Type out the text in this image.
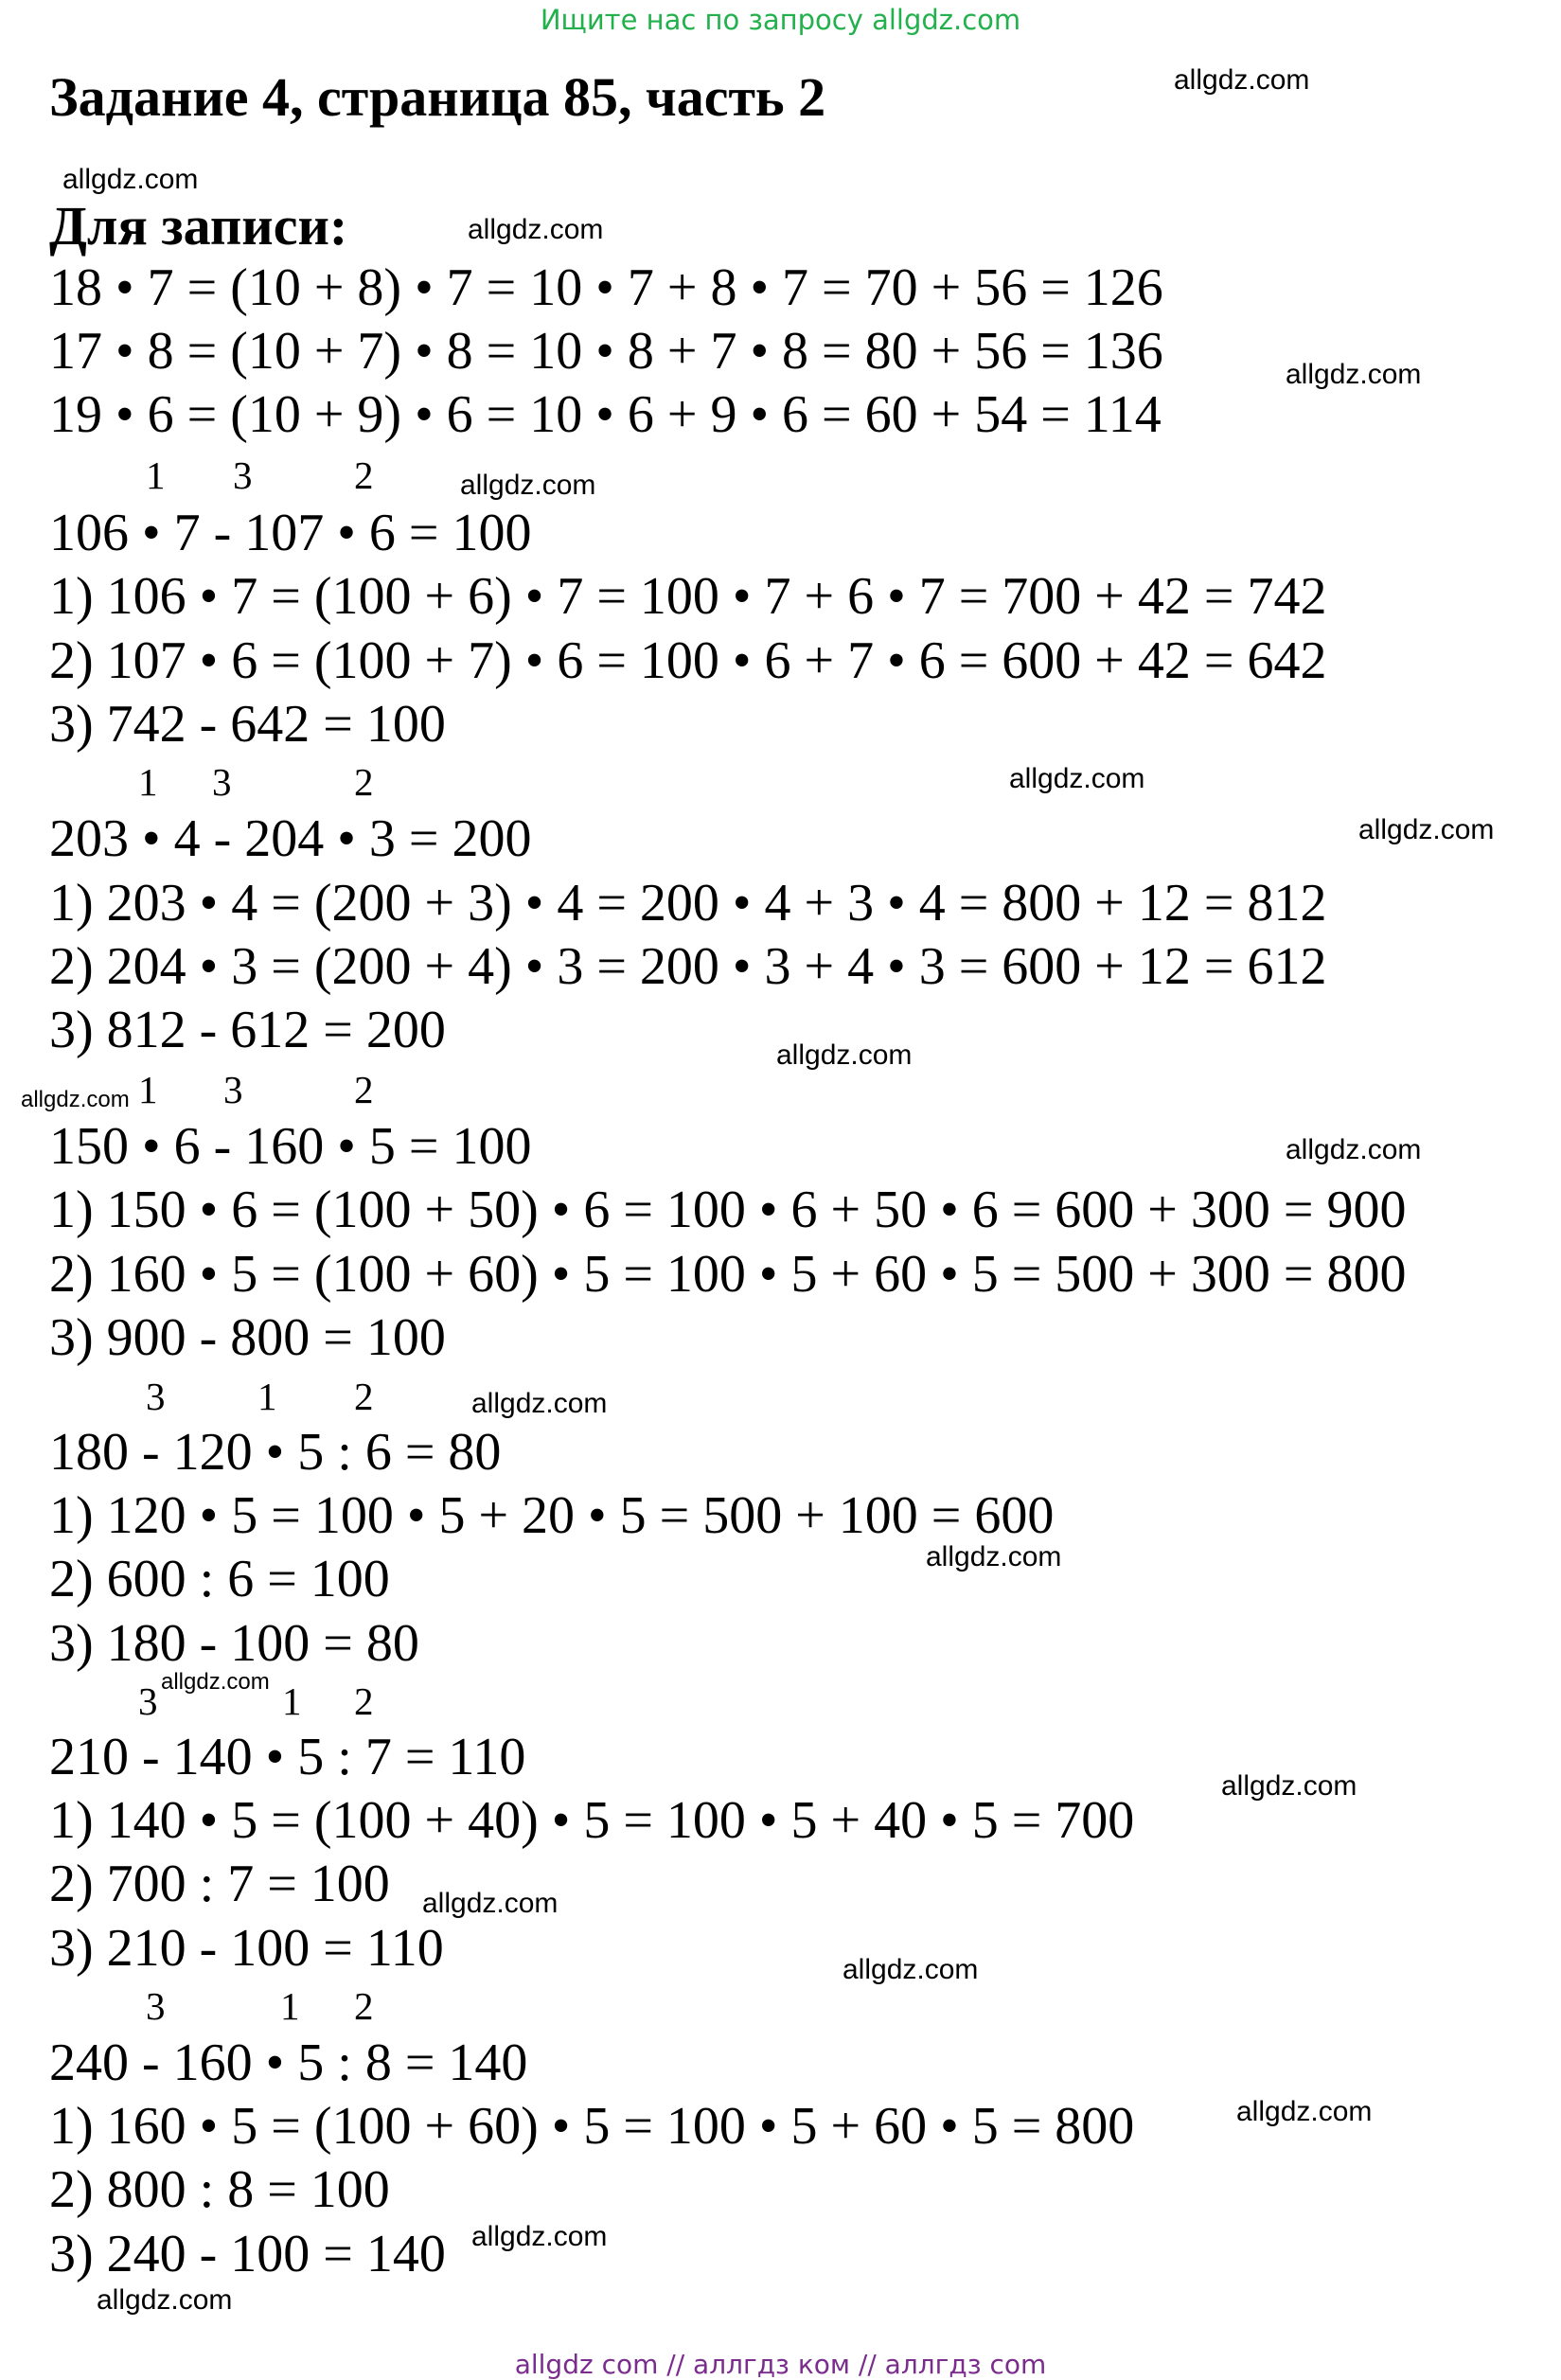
Ищите нас по запросу allgdz.com
Задание 4, страница 85, часть 2
Для записи:
18 • 7 = (10 + 8) • 7 = 10 • 7 + 8 • 7 = 70 + 56 = 126
17 • 8 = (10 + 7) • 8 = 10 • 8 + 7 • 8 = 80 + 56 = 136
19 • 6 = (10 + 9) • 6 = 10 • 6 + 9 • 6 = 60 + 54 = 114
1 3	2
106 • 7 - 107 • 6 = 100
1) 106 • 7 = (100 + 6) • 7 = 100 • 7 + 6 • 7 = 700 + 42 = 742
2) 107 • 6 = (100 + 7) • 6 = 100 • 6 + 7 • 6 = 600 + 42 = 642
3) 742 - 642 = 100
1 3	2
203 • 4 - 204 • 3 = 200
1) 203 • 4 = (200 + 3) • 4 = 200 • 4 + 3 • 4 = 800 + 12 = 812
2) 204 • 3 = (200 + 4) • 3 = 200 • 3 + 4 • 3 = 600 + 12 = 612
3) 812 - 612 = 200
1 3	2
150 • 6 - 160 • 5 = 100
1) 150 • 6 = (100 + 50) • 6 = 100 • 6 + 50 • 6 = 600 + 300 = 900
2) 160 • 5 = (100 + 60) • 5 = 100 • 5 + 60 • 5 = 500 + 300 = 800
3) 900 - 800 = 100
3 1 2
180 - 120 • 5 : 6 = 80
1) 120 • 5 = 100 • 5 + 20 • 5 = 500 + 100 = 600
2) 600 : 6 = 100
3) 180 - 100 = 80
3	1 2
210 - 140 • 5 : 7 = 110
1) 140 • 5 = (100 + 40) • 5 = 100 • 5 + 40 • 5 = 700
2) 700 : 7 = 100
3) 210 - 100 = 110
3	1 2
240 - 160 • 5 : 8 = 140
1) 160 • 5 = (100 + 60) • 5 = 100 • 5 + 60 • 5 = 800
2) 800 : 8 = 100
3) 240 - 100 = 140
allgdz.com
allgdz.com
allgdz.com
allgdz.com
allgdz.com
allgdz.com
allgdz.com
allgdz.com
allgdz.com
allgdz.com
allgdz.com
allgdz.com
allgdz.com
allgdz.com
allgdz.com
allgdz.com
allgdz.com
allgdz.com
allgdz.com
allgdz com // аллгдз ком // аллгдз com
